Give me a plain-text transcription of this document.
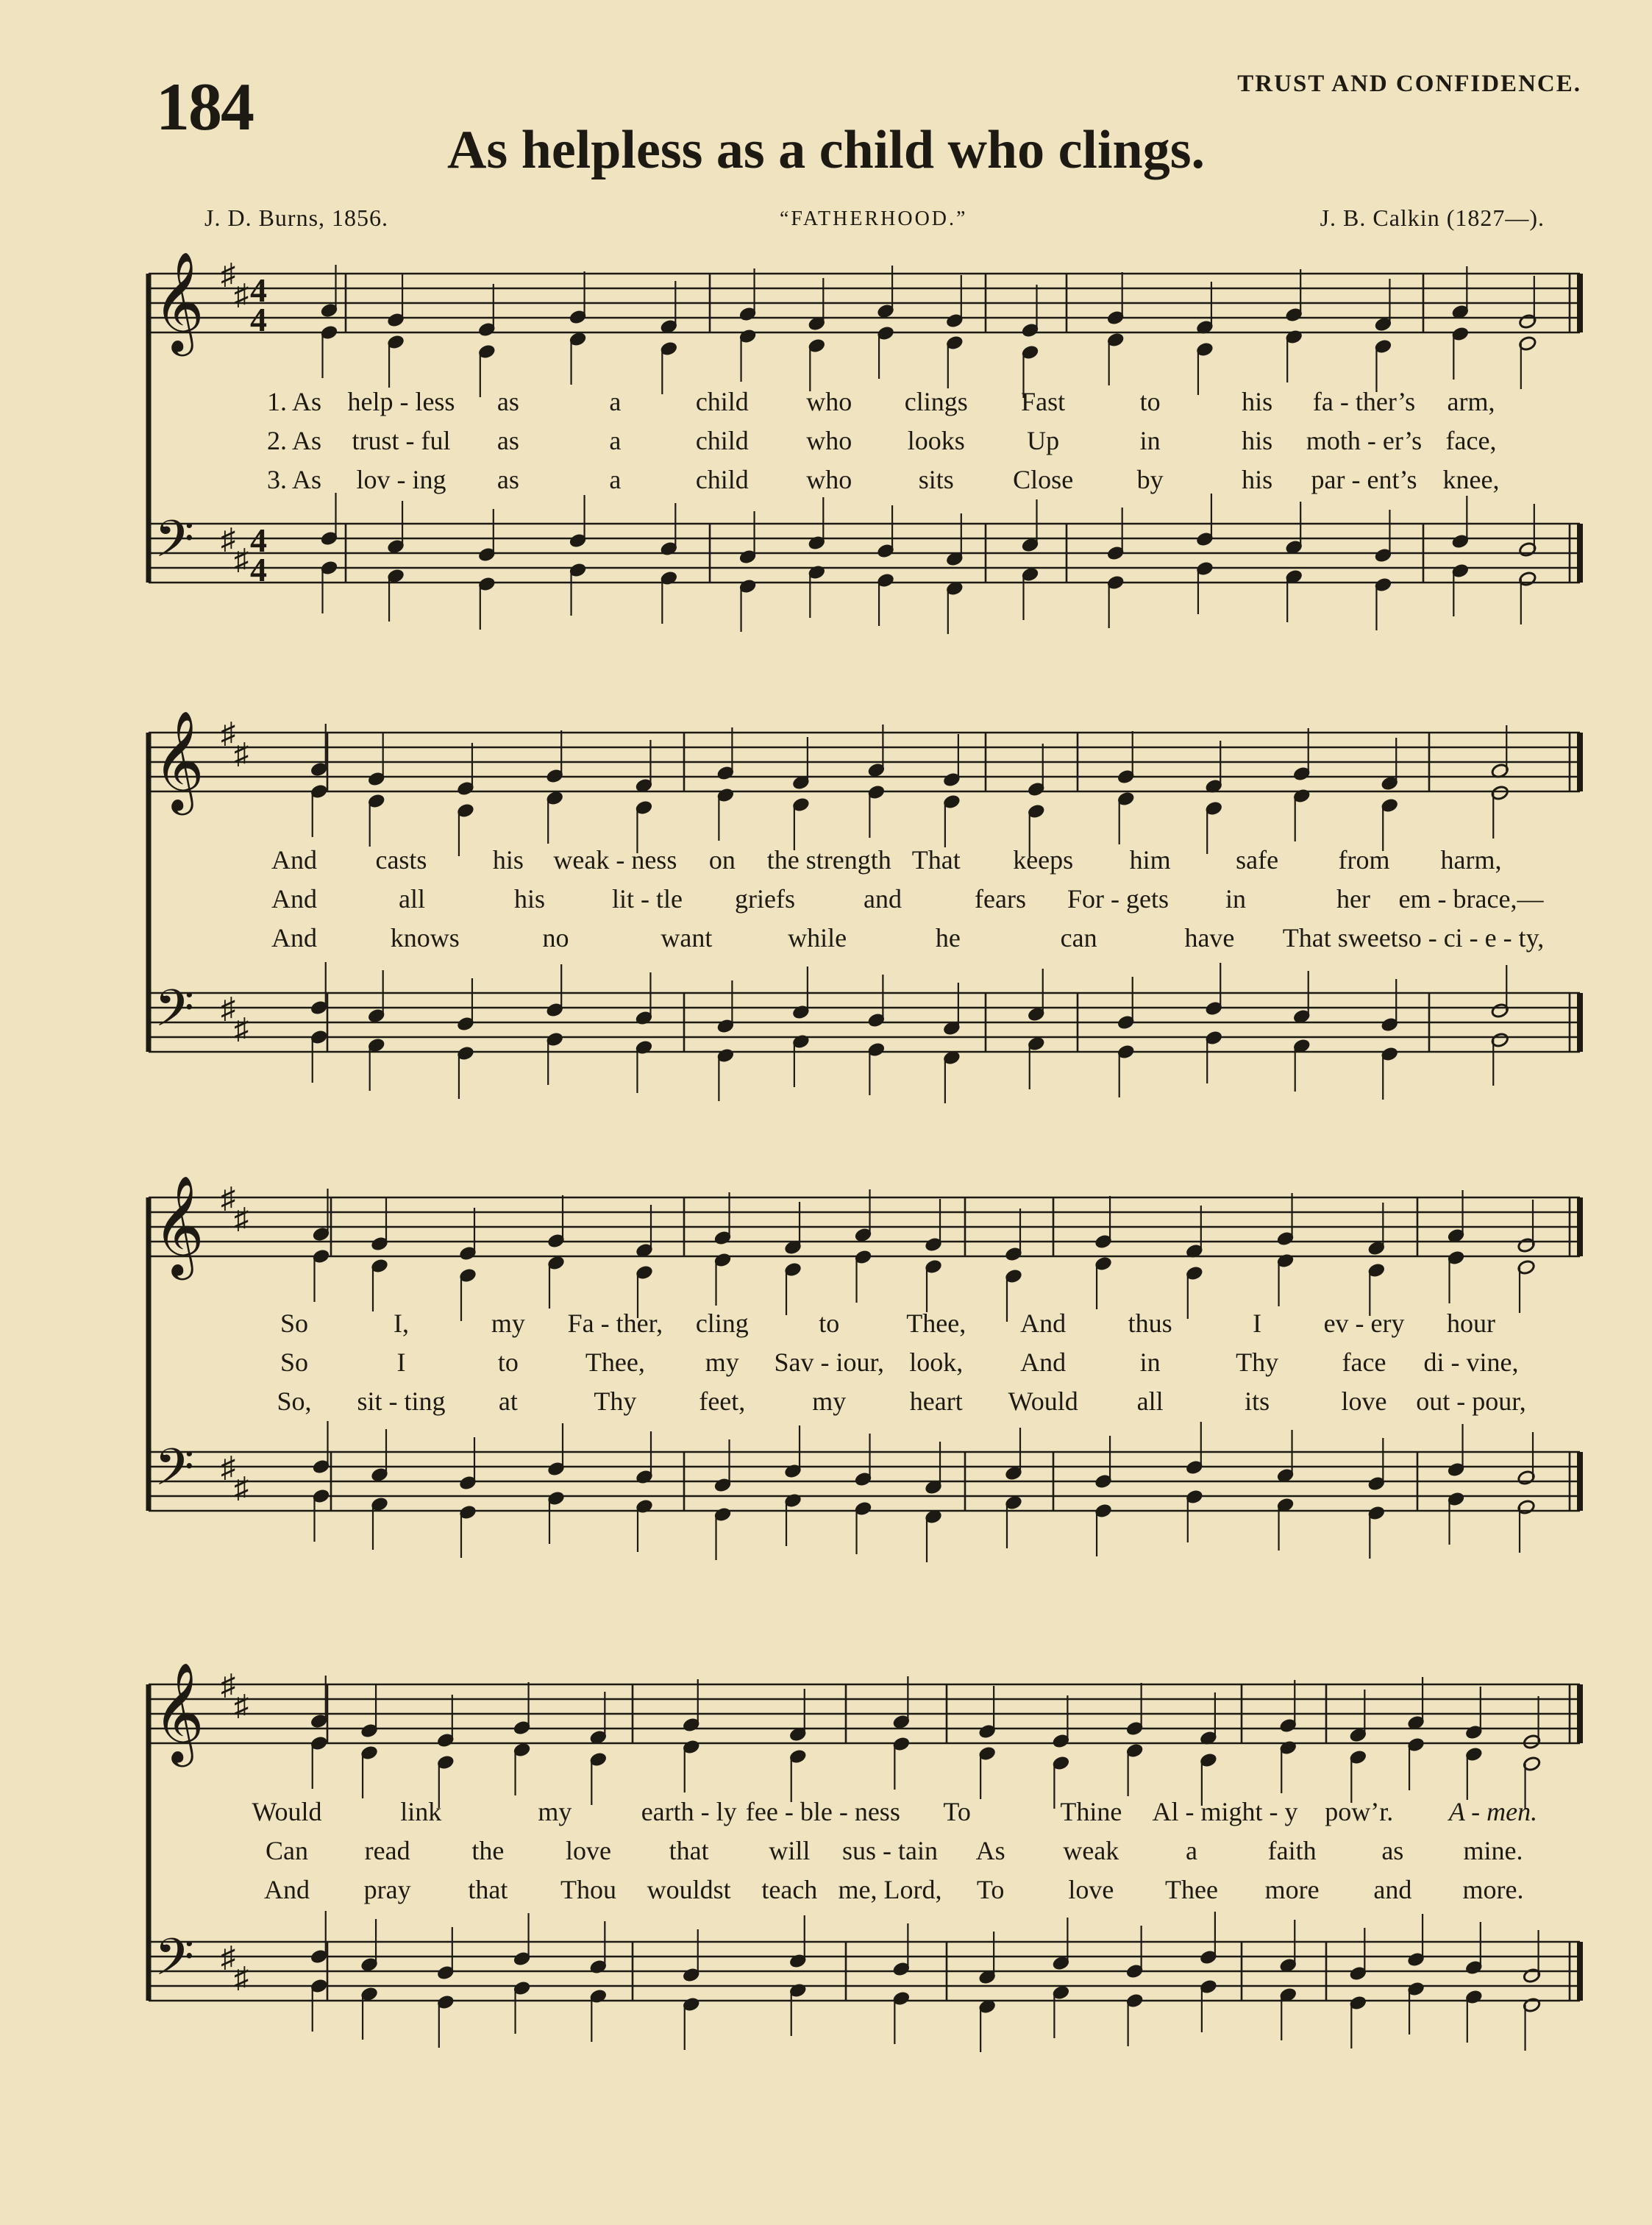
184	TRUST AND CONFIDENCE.
As helpless as a child who clings.
J. D. Burns, 1856.	“FATHERHOOD.”	J. B. Calkin (1827—).
𝄞
𝄢
♯
♯
♯
♯
4
4
4
4
𝄞
𝄢
♯
♯
♯
♯
𝄞
𝄢
♯
♯
♯
♯
𝄞
𝄢
♯
♯
♯
♯
1. As help - less as	a	child who clings Fast	to	his fa - ther’s arm,
2. As trust - ful as	a	child who looks Up	in	his moth - er’s face,
3. As lov - ing as	a	child who	sits Close by	his par - ent’s knee,
And casts his weak - ness on the strength That keeps him safe from harm,
And	all	his	lit - tle griefs	and	fears For - gets in	her em - brace,—
And	knows	no	want	while	he	can	have That sweet so - ci - e - ty,
So	I,	my Fa - ther, cling	to	Thee, And thus	I ev - ery hour
So	I	to	Thee, my Sav - iour, look, And	in	Thy face di - vine,
So, sit - ting at	Thy feet,	my heart Would all	its	love out - pour,
Would	link	my	earth - ly fee - ble - ness To	Thine Al - might - y pow’r. A - men.
Can read the love that will sus - tain As weak	a	faith as mine.
And pray that Thou wouldst teach me, Lord, To love Thee more and more.
